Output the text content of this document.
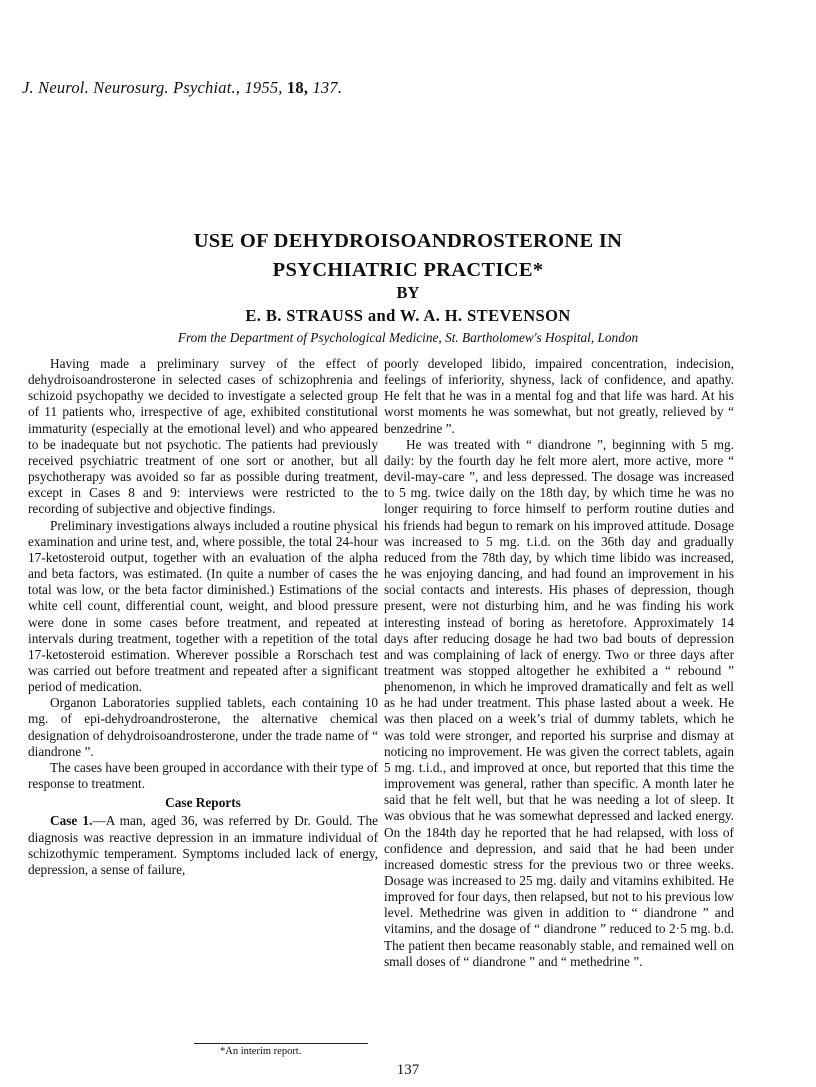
J. Neurol. Neurosurg. Psychiat., 1955, 18, 137.
USE OF DEHYDROISOANDROSTERONE IN
PSYCHIATRIC PRACTICE*
BY
E. B. STRAUSS and W. A. H. STEVENSON
From the Department of Psychological Medicine, St. Bartholomew's Hospital, London

Having made a preliminary survey of the effect of dehydroisoandrosterone in selected cases of schizophrenia and schizoid psychopathy we decided to investigate a selected group of 11 patients who, irrespective of age, exhibited constitutional immaturity (especially at the emotional level) and who appeared to be inadequate but not psychotic. The patients had previously received psychiatric treatment of one sort or another, but all psychotherapy was avoided so far as possible during treatment, except in Cases 8 and 9: interviews were restricted to the recording of subjective and objective findings.

Preliminary investigations always included a routine physical examination and urine test, and, where possible, the total 24-hour 17-ketosteroid output, together with an evaluation of the alpha and beta factors, was estimated. (In quite a number of cases the total was low, or the beta factor diminished.) Estimations of the white cell count, differential count, weight, and blood pressure were done in some cases before treatment, and repeated at intervals during treatment, together with a repetition of the total 17-ketosteroid estimation. Wherever possible a Rorschach test was carried out before treatment and repeated after a significant period of medication.

Organon Laboratories supplied tablets, each containing 10 mg. of epi-dehydroandrosterone, the alternative chemical designation of dehydroisoandrosterone, under the trade name of “ diandrone ”.

The cases have been grouped in accordance with their type of response to treatment.

Case Reports

Case 1.—A man, aged 36, was referred by Dr. Gould. The diagnosis was reactive depression in an immature individual of schizothymic temperament. Symptoms included lack of energy, depression, a sense of failure,

poorly developed libido, impaired concentration, indecision, feelings of inferiority, shyness, lack of confidence, and apathy. He felt that he was in a mental fog and that life was hard. At his worst moments he was somewhat, but not greatly, relieved by “ benzedrine ”.

He was treated with “ diandrone ”, beginning with 5 mg. daily: by the fourth day he felt more alert, more active, more “ devil-may-care ”, and less depressed. The dosage was increased to 5 mg. twice daily on the 18th day, by which time he was no longer requiring to force himself to perform routine duties and his friends had begun to remark on his improved attitude. Dosage was increased to 5 mg. t.i.d. on the 36th day and gradually reduced from the 78th day, by which time libido was increased, he was enjoying dancing, and had found an improvement in his social contacts and interests. His phases of depression, though present, were not disturbing him, and he was finding his work interesting instead of boring as heretofore. Approximately 14 days after reducing dosage he had two bad bouts of depression and was complaining of lack of energy. Two or three days after treatment was stopped altogether he exhibited a “ rebound ” phenomenon, in which he improved dramatically and felt as well as he had under treatment. This phase lasted about a week. He was then placed on a week’s trial of dummy tablets, which he was told were stronger, and reported his surprise and dismay at noticing no improvement. He was given the correct tablets, again 5 mg. t.i.d., and improved at once, but reported that this time the improvement was general, rather than specific. A month later he said that he felt well, but that he was needing a lot of sleep. It was obvious that he was somewhat depressed and lacked energy. On the 184th day he reported that he had relapsed, with loss of confidence and depression, and said that he had been under increased domestic stress for the previous two or three weeks. Dosage was increased to 25 mg. daily and vitamins exhibited. He improved for four days, then relapsed, but not to his previous low level. Methedrine was given in addition to “ diandrone ” and vitamins, and the dosage of “ diandrone ” reduced to 2·5 mg. b.d. The patient then became reasonably stable, and remained well on small doses of “ diandrone ” and “ methedrine ”.

*An interim report.
137
